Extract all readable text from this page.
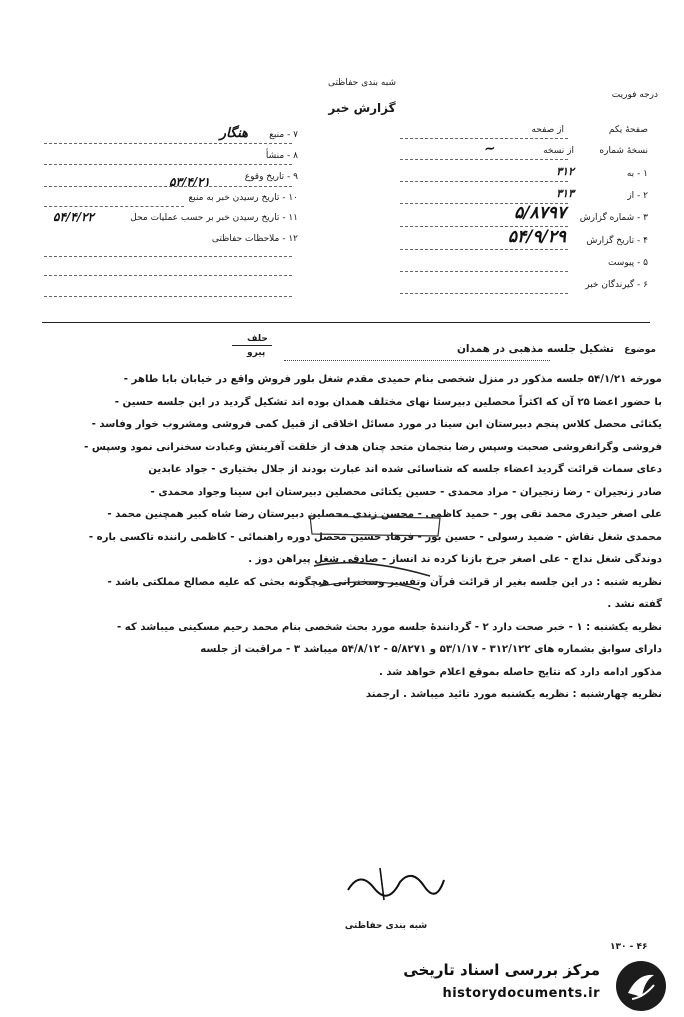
درجه فوریت
شبه بندی حفاظتی
گزارش خبر
صفحهٔ یکم
از صفحه
نسخهٔ شماره
از نسخه
~
۱ - به
۳۱۲
۲ - از
۳۱۳
۳ - شماره گزارش
۵/۸۷۹۷
۴ - تاریخ گزارش
۵۴/۹/۲۹
۵ - پیوست
۶ - گیرندگان خبر
۷ - منبع
هنگار
۸ - منشأ
۹ - تاریخ وقوع
۵۳/۴/۲۱
۱۰ - تاریخ رسیدن خبر به منبع
۱۱ - تاریخ رسیدن خبر بر حسب عملیات محل
۵۴/۴/۲۲
۱۲ - ملاحظات حفاظتی
حلف
پیرو	موضوع
تشکیل جلسه مذهبی در همدان

مورخه ۵۴/۱/۲۱ جلسه مذکور در منزل شخصی بنام حمیدی مقدم شغل بلور فروش واقع در خیابان بابا طاهر -

با حضور اعضا ۲۵ آن که اکثراً محصلین دبیرستا نهای مختلف همدان بوده اند تشکیل گردید در این جلسه حسین -

یکتائی محصل کلاس پنجم دبیرستان ابن سینا در مورد مسائل اخلاقی از قبیل کمی فروشی ومشروب خوار وفاسد -

فروشی وگرانفروشی صحبت وسپس رضا بنجمان متحد چنان هدف از خلقت آفرینش وعبادت سخنرانی نمود وسپس -

دعای سمات قرائت گردید اعضاء جلسه که شناسائی شده اند عبارت بودند از جلال بختیاری - جواد عابدین

صادر زنجیران - رضا زنجیران - مراد محمدی - حسین یکتائی محصلین دبیرستان ابن سینا وجواد محمدی -

علی اصغر حیدری محمد تقی پور - حمید کاظمی - محسن زندی محصلین دبیرستان رضا شاه کبیر همچنین محمد -

محمدی شغل نقاش - ضمید رسولی - حسین بور - فرهاد حسین محصل دوره راهنمائی - کاظمی راننده تاکسی باره -

دوندگی شغل نداج - علی اصغر جرخ بازنا کرده ند انساز - صادقی شغل پیراهن دوز .

نظریه شنبه : در این جلسه بغیر از قرائت قرآن وتفسیر وسخنرانی هیچگونه بحثی که علیه مصالح مملکتی باشد -

گفته نشد .

نظریه یکشنبه : ۱ - خبر صحت دارد ۲ - گردانندهٔ جلسه مورد بحث شخصی بنام محمد رحیم مسکینی میباشد که -

دارای سوابق بشماره های ۳۱۲/۱۲۲ - ۵۳/۱/۱۷ و ۵/۸۲۷۱ - ۵۴/۸/۱۲ میباشد ۳ - مراقبت از جلسه

مذکور ادامه دارد که نتایج حاصله بموقع اعلام خواهد شد .

نظریه چهارشنبه : نظریه یکشنبه مورد تائید میباشد . ارجمند

شبه بندی حفاظتی
۱۳۰ - ۴۶
مرکز بررسی اسناد تاریخی
historydocuments.ir
